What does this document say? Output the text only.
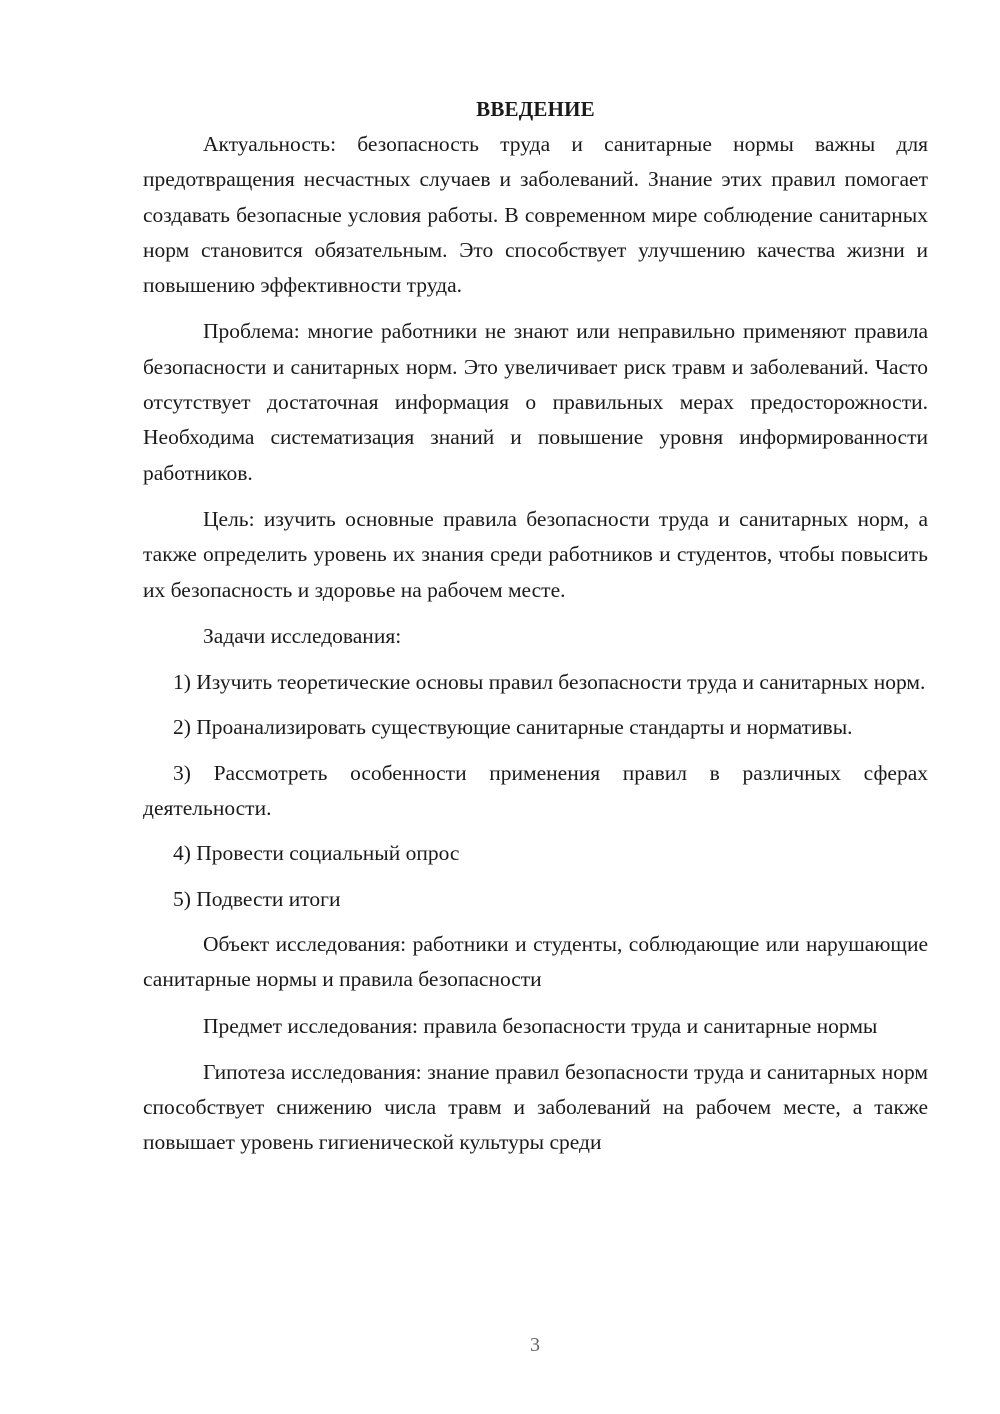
ВВЕДЕНИЕ

Актуальность: безопасность труда и санитарные нормы важны для предотвращения несчастных случаев и заболеваний. Знание этих правил помогает создавать безопасные условия работы. В современном мире соблюдение санитарных норм становится обязательным. Это способствует улучшению качества жизни и повышению эффективности труда.

Проблема: многие работники не знают или неправильно применяют правила безопасности и санитарных норм. Это увеличивает риск травм и заболеваний. Часто отсутствует достаточная информация о правильных мерах предосторожности. Необходима систематизация знаний и повышение уровня информированности работников.

Цель: изучить основные правила безопасности труда и санитарных норм, а также определить уровень их знания среди работников и студентов, чтобы повысить их безопасность и здоровье на рабочем месте.

Задачи исследования:

1) Изучить теоретические основы правил безопасности труда и санитарных норм.

2) Проанализировать существующие санитарные стандарты и нормативы.

3) Рассмотреть особенности применения правил в различных сферах деятельности.

4) Провести социальный опрос

5) Подвести итоги

Объект исследования: работники и студенты, соблюдающие или нарушающие санитарные нормы и правила безопасности

Предмет исследования: правила безопасности труда и санитарные нормы

Гипотеза исследования: знание правил безопасности труда и санитарных норм способствует снижению числа травм и заболеваний на рабочем месте, а также повышает уровень гигиенической культуры среди

3
